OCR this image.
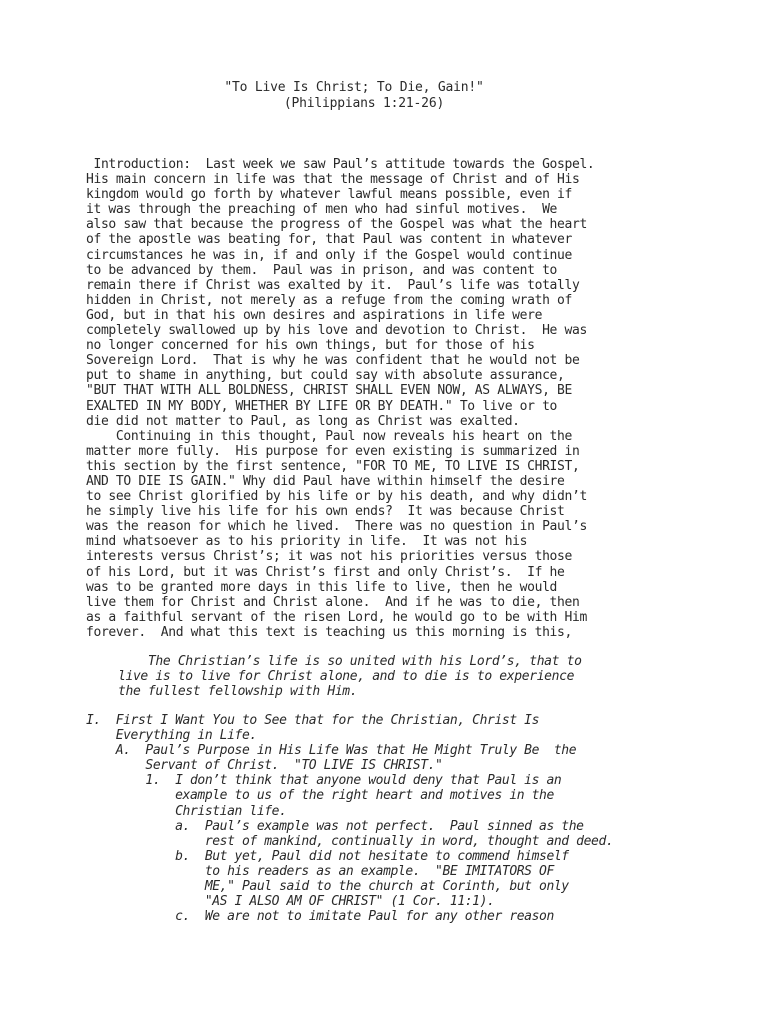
"To Live Is Christ; To Die, Gain!"
(Philippians 1:21-26)
Introduction:  Last week we saw Paul’s attitude towards the Gospel.
His main concern in life was that the message of Christ and of His
kingdom would go forth by whatever lawful means possible, even if
it was through the preaching of men who had sinful motives.  We
also saw that because the progress of the Gospel was what the heart
of the apostle was beating for, that Paul was content in whatever
circumstances he was in, if and only if the Gospel would continue
to be advanced by them.  Paul was in prison, and was content to
remain there if Christ was exalted by it.  Paul’s life was totally
hidden in Christ, not merely as a refuge from the coming wrath of
God, but in that his own desires and aspirations in life were
completely swallowed up by his love and devotion to Christ.  He was
no longer concerned for his own things, but for those of his
Sovereign Lord.  That is why he was confident that he would not be
put to shame in anything, but could say with absolute assurance,
"BUT THAT WITH ALL BOLDNESS, CHRIST SHALL EVEN NOW, AS ALWAYS, BE
EXALTED IN MY BODY, WHETHER BY LIFE OR BY DEATH." To live or to
die did not matter to Paul, as long as Christ was exalted.
Continuing in this thought, Paul now reveals his heart on the
matter more fully.  His purpose for even existing is summarized in
this section by the first sentence, "FOR TO ME, TO LIVE IS CHRIST,
AND TO DIE IS GAIN." Why did Paul have within himself the desire
to see Christ glorified by his life or by his death, and why didn’t
he simply live his life for his own ends?  It was because Christ
was the reason for which he lived.  There was no question in Paul’s
mind whatsoever as to his priority in life.  It was not his
interests versus Christ’s; it was not his priorities versus those
of his Lord, but it was Christ’s first and only Christ’s.  If he
was to be granted more days in this life to live, then he would
live them for Christ and Christ alone.  And if he was to die, then
as a faithful servant of the risen Lord, he would go to be with Him
forever.  And what this text is teaching us this morning is this,
The Christian’s life is so united with his Lord’s, that to
live is to live for Christ alone, and to die is to experience
the fullest fellowship with Him.
I.  First I Want You to See that for the Christian, Christ Is
Everything in Life.
A.  Paul’s Purpose in His Life Was that He Might Truly Be  the
Servant of Christ.  "TO LIVE IS CHRIST."
1.  I don’t think that anyone would deny that Paul is an
example to us of the right heart and motives in the
Christian life.
a.  Paul’s example was not perfect.  Paul sinned as the
rest of mankind, continually in word, thought and deed.
b.  But yet, Paul did not hesitate to commend himself
to his readers as an example.  "BE IMITATORS OF
ME," Paul said to the church at Corinth, but only
"AS I ALSO AM OF CHRIST" (1 Cor. 11:1).
c.  We are not to imitate Paul for any other reason
